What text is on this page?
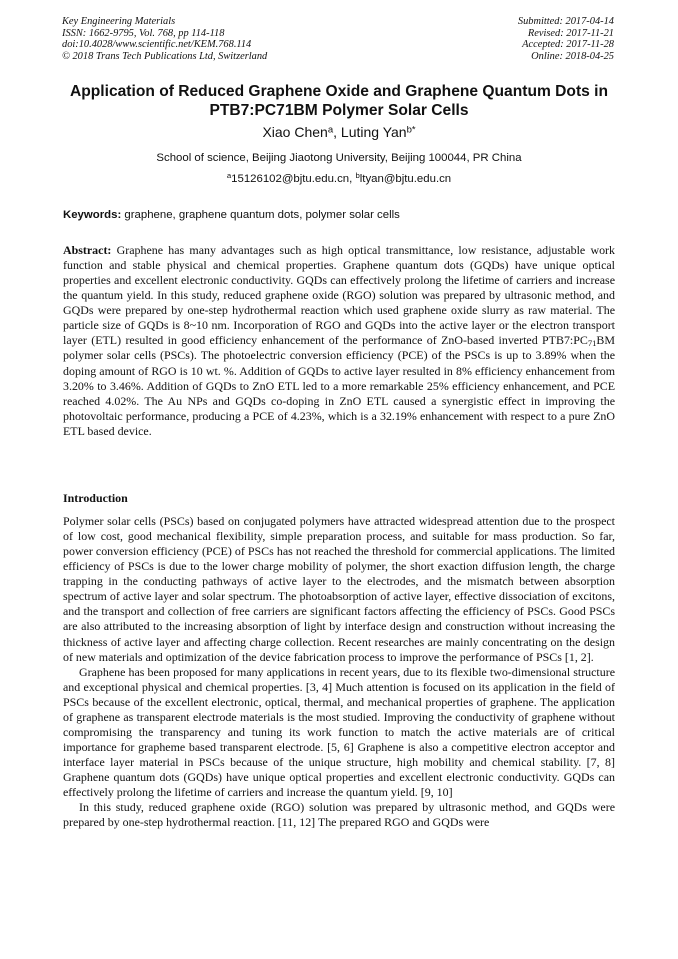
Key Engineering Materials
ISSN: 1662-9795, Vol. 768, pp 114-118
doi:10.4028/www.scientific.net/KEM.768.114
© 2018 Trans Tech Publications Ltd, Switzerland
Submitted: 2017-04-14
Revised: 2017-11-21
Accepted: 2017-11-28
Online: 2018-04-25
Application of Reduced Graphene Oxide and Graphene Quantum Dots in
PTB7:PC71BM Polymer Solar Cells
Xiao Chen$^a$, Luting Yan$^{b*}$
School of science, Beijing Jiaotong University, Beijing 100044, PR China
$^a$15126102@bjtu.edu.cn, $^b$ltyan@bjtu.edu.cn
Keywords: graphene, graphene quantum dots, polymer solar cells
Abstract: Graphene has many advantages such as high optical transmittance, low resistance, adjustable work function and stable physical and chemical properties. Graphene quantum dots (GQDs) have unique optical properties and excellent electronic conductivity. GQDs can effectively prolong the lifetime of carriers and increase the quantum yield. In this study, reduced graphene oxide (RGO) solution was prepared by ultrasonic method, and GQDs were prepared by one-step hydrothermal reaction which used graphene oxide slurry as raw material. The particle size of GQDs is 8~10 nm. Incorporation of RGO and GQDs into the active layer or the electron transport layer (ETL) resulted in good efficiency enhancement of the performance of ZnO-based inverted $PTB7:PC_{71}BM$ polymer solar cells (PSCs). The photoelectric conversion efficiency (PCE) of the PSCs is up to 3.89% when the doping amount of RGO is 10 wt. %. Addition of GQDs to active layer resulted in 8% efficiency enhancement from 3.20% to 3.46%. Addition of GQDs to ZnO ETL led to a more remarkable 25% efficiency enhancement, and PCE reached 4.02%. The Au NPs and GQDs co-doping in ZnO ETL caused a synergistic effect in improving the photovoltaic performance, producing a PCE of 4.23%, which is a 32.19% enhancement with respect to a pure ZnO ETL based device.
Introduction

Polymer solar cells (PSCs) based on conjugated polymers have attracted widespread attention due to the prospect of low cost, good mechanical flexibility, simple preparation process, and suitable for mass production. So far, power conversion efficiency (PCE) of PSCs has not reached the threshold for commercial applications. The limited efficiency of PSCs is due to the lower charge mobility of polymer, the short exaction diffusion length, the charge trapping in the conducting pathways of active layer to the electrodes, and the mismatch between absorption spectrum of active layer and solar spectrum. The photoabsorption of active layer, effective dissociation of excitons, and the transport and collection of free carriers are significant factors affecting the efficiency of PSCs. Good PSCs are also attributed to the increasing absorption of light by interface design and construction without increasing the thickness of active layer and affecting charge collection. Recent researches are mainly concentrating on the design of new materials and optimization of the device fabrication process to improve the performance of PSCs [1, 2].

Graphene has been proposed for many applications in recent years, due to its flexible two-dimensional structure and exceptional physical and chemical properties. [3, 4] Much attention is focused on its application in the field of PSCs because of the excellent electronic, optical, thermal, and mechanical properties of graphene. The application of graphene as transparent electrode materials is the most studied. Improving the conductivity of graphene without compromising the transparency and tuning its work function to match the active materials are of critical importance for grapheme based transparent electrode. [5, 6] Graphene is also a competitive electron acceptor and interface layer material in PSCs because of the unique structure, high mobility and chemical stability. [7, 8] Graphene quantum dots (GQDs) have unique optical properties and excellent electronic conductivity. GQDs can effectively prolong the lifetime of carriers and increase the quantum yield. [9, 10]

In this study, reduced graphene oxide (RGO) solution was prepared by ultrasonic method, and GQDs were prepared by one-step hydrothermal reaction. [11, 12] The prepared RGO and GQDs were
